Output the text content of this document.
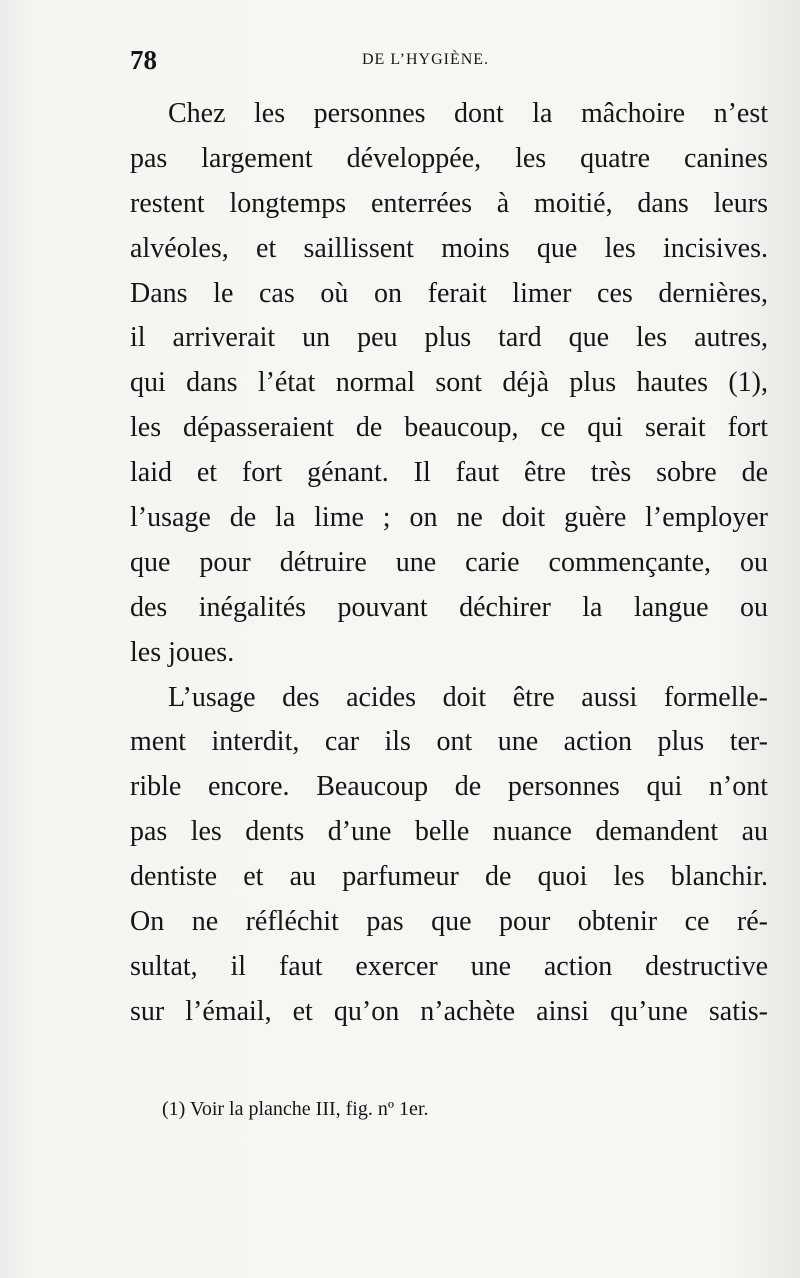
78	DE L’HYGIÈNE.
Chez les personnes dont la mâchoire n’est
pas largement développée, les quatre canines
restent longtemps enterrées à moitié, dans leurs
alvéoles, et saillissent moins que les incisives.
Dans le cas où on ferait limer ces dernières,
il arriverait un peu plus tard que les autres,
qui dans l’état normal sont déjà plus hautes (1),
les dépasseraient de beaucoup, ce qui serait fort
laid et fort génant. Il faut être très sobre de
l’usage de la lime ; on ne doit guère l’employer
que pour détruire une carie commençante, ou
des inégalités pouvant déchirer la langue ou
les joues.
L’usage des acides doit être aussi formelle-
ment interdit, car ils ont une action plus ter-
rible encore. Beaucoup de personnes qui n’ont
pas les dents d’une belle nuance demandent au
dentiste et au parfumeur de quoi les blanchir.
On ne réfléchit pas que pour obtenir ce ré-
sultat, il faut exercer une action destructive
sur l’émail, et qu’on n’achète ainsi qu’une satis-
(1) Voir la planche III, fig. nº 1er.
